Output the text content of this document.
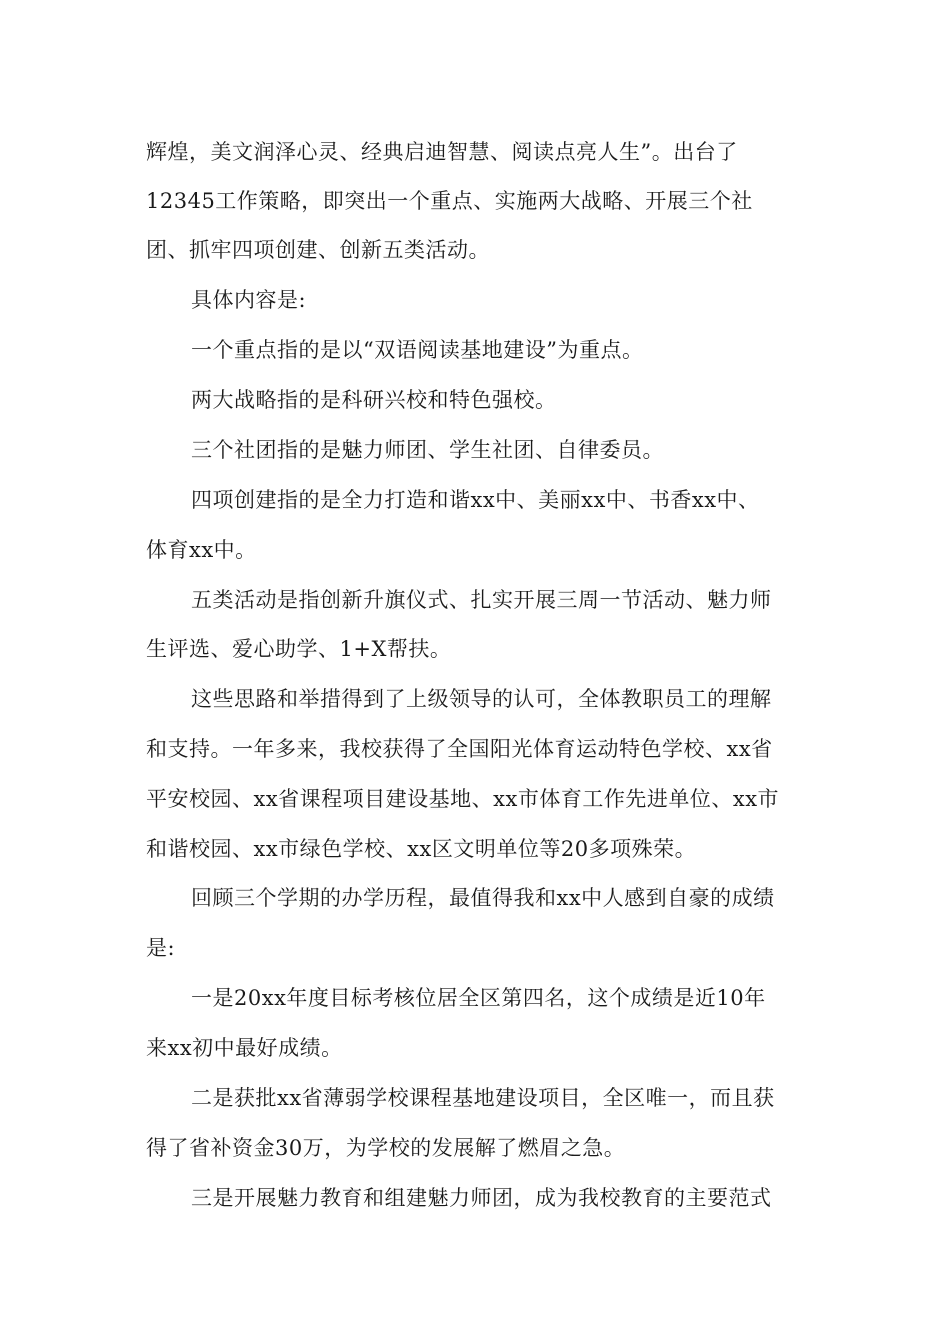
辉煌，美文润泽心灵、经典启迪智慧、阅读点亮人生”。出台了
12345工作策略，即突出一个重点、实施两大战略、开展三个社
团、抓牢四项创建、创新五类活动。
具体内容是:
一个重点指的是以“双语阅读基地建设”为重点。
两大战略指的是科研兴校和特色强校。
三个社团指的是魅力师团、学生社团、自律委员。
四项创建指的是全力打造和谐xx中、美丽xx中、书香xx中、
体育xx中。
五类活动是指创新升旗仪式、扎实开展三周一节活动、魅力师
生评选、爱心助学、1+X帮扶。
这些思路和举措得到了上级领导的认可，全体教职员工的理解
和支持。一年多来，我校获得了全国阳光体育运动特色学校、xx省
平安校园、xx省课程项目建设基地、xx市体育工作先进单位、xx市
和谐校园、xx市绿色学校、xx区文明单位等20多项殊荣。
回顾三个学期的办学历程，最值得我和xx中人感到自豪的成绩
是:
一是20xx年度目标考核位居全区第四名，这个成绩是近10年
来xx初中最好成绩。
二是获批xx省薄弱学校课程基地建设项目，全区唯一，而且获
得了省补资金30万，为学校的发展解了燃眉之急。
三是开展魅力教育和组建魅力师团，成为我校教育的主要范式
